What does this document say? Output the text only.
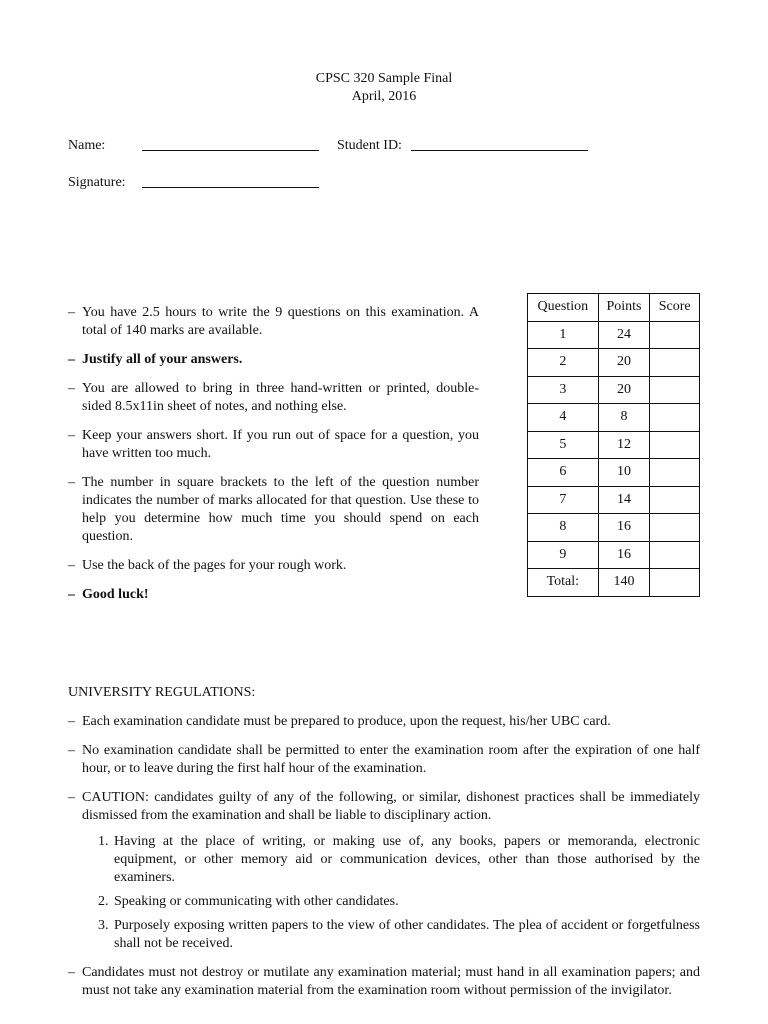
CPSC 320 Sample Final
April, 2016
Name:	Student ID:
Signature:
– You have 2.5 hours to write the 9 questions on this examination. A total of 140 marks are available.
– Justify all of your answers.
– You are allowed to bring in three hand-written or printed, double-sided 8.5x11in sheet of notes, and nothing else.
– Keep your answers short. If you run out of space for a question, you have written too much.
– The number in square brackets to the left of the question number indicates the number of marks allocated for that question. Use these to help you determine how much time you should spend on each question.
– Use the back of the pages for your rough work.
– Good luck!
Question	Points	Score
1	24	
2	20	
3	20	
4	8	
5	12	
6	10	
7	14	
8	16	
9	16	
Total:	140	
UNIVERSITY REGULATIONS:
– Each examination candidate must be prepared to produce, upon the request, his/her UBC card.
– No examination candidate shall be permitted to enter the examination room after the expiration of one half hour, or to leave during the first half hour of the examination.
– CAUTION: candidates guilty of any of the following, or similar, dishonest practices shall be immediately dismissed from the examination and shall be liable to disciplinary action.
1. Having at the place of writing, or making use of, any books, papers or memoranda, electronic equipment, or other memory aid or communication devices, other than those authorised by the examiners.
2. Speaking or communicating with other candidates.
3. Purposely exposing written papers to the view of other candidates. The plea of accident or forgetfulness shall not be received.
– Candidates must not destroy or mutilate any examination material; must hand in all examination papers; and must not take any examination material from the examination room without permission of the invigilator.
